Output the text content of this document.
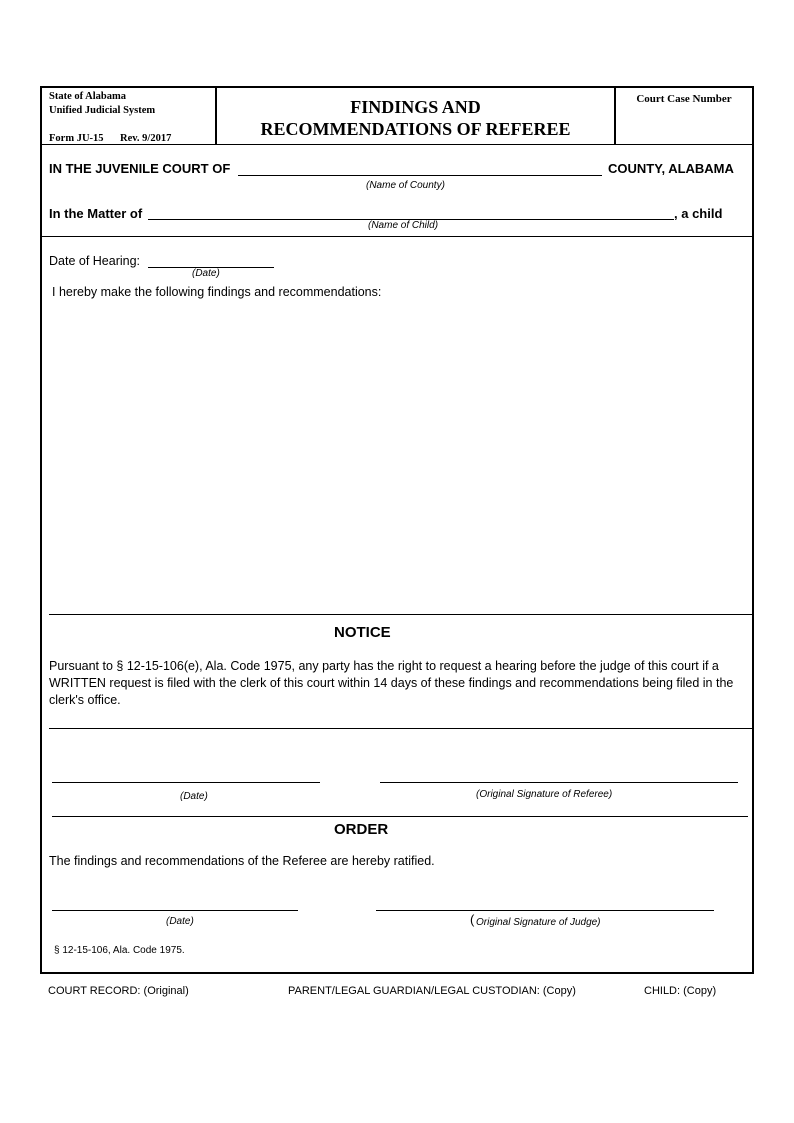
State of Alabama
Unified Judicial System
Form JU-15 Rev. 9/2017
FINDINGS AND
RECOMMENDATIONS OF REFEREE
Court Case Number
IN THE JUVENILE COURT OF	COUNTY, ALABAMA
(Name of County)
In the Matter of	, a child
(Name of Child)
Date of Hearing:
(Date)
I hereby make the following findings and recommendations:
NOTICE
Pursuant to § 12-15-106(e), Ala. Code 1975, any party has the right to request a hearing before the judge of this court if a WRITTEN request is filed with the clerk of this court within 14 days of these findings and recommendations being filed in the clerk's office.
(Date)	(Original Signature of Referee)
ORDER
The findings and recommendations of the Referee are hereby ratified.
(Date)	( Original Signature of Judge)
§ 12-15-106, Ala. Code 1975.
COURT RECORD: (Original)	PARENT/LEGAL GUARDIAN/LEGAL CUSTODIAN: (Copy)	CHILD: (Copy)
